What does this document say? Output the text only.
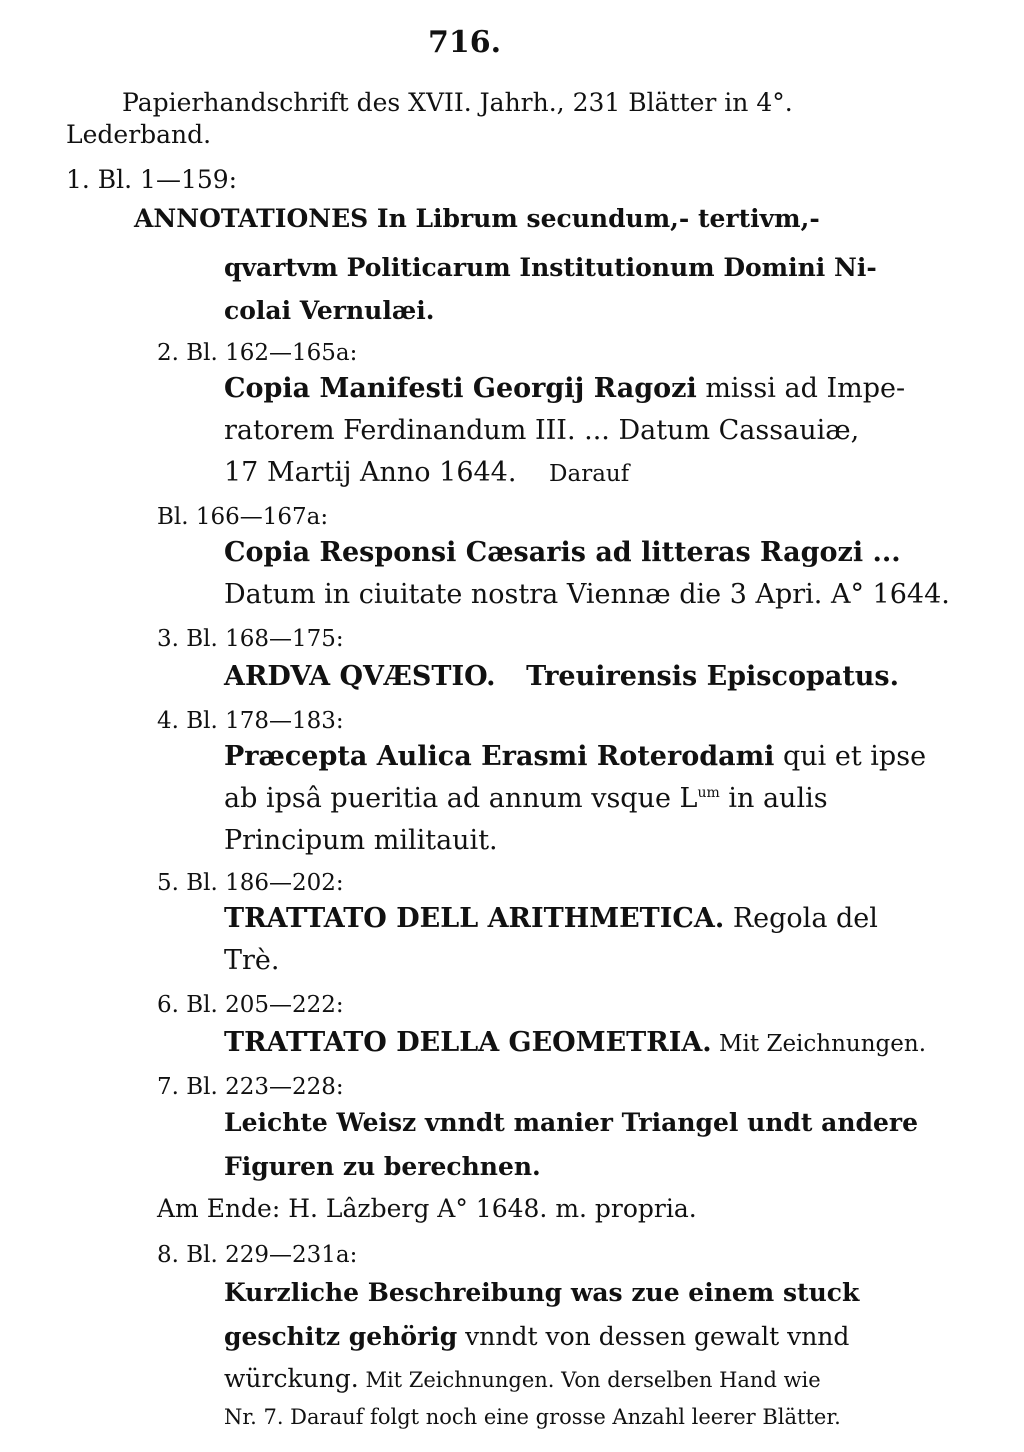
716.
Papierhandschrift des XVII. Jahrh., 231 Blätter in 4°.
Lederband.
1. Bl. 1—159:
ANNOTATIONES In Librum secundum,- tertivm,-
qvartvm Politicarum Institutionum Domini Ni-
colai Vernulæi.
2. Bl. 162—165a:
Copia Manifesti Georgij Ragozi missi ad Impe-
ratorem Ferdinandum III. ... Datum Cassauiæ,
17 Martij Anno 1644. Darauf
Bl. 166—167a:
Copia Responsi Cæsaris ad litteras Ragozi ...
Datum in ciuitate nostra Viennæ die 3 Apri. A° 1644.
3. Bl. 168—175:
ARDVA QVÆSTIO. Treuirensis Episcopatus.
4. Bl. 178—183:
Præcepta Aulica Erasmi Roterodami qui et ipse
ab ipsâ pueritia ad annum vsque $L^{um}$ in aulis
Principum militauit.
5. Bl. 186—202:
TRATTATO DELL ARITHMETICA. Regola del
Trè.
6. Bl. 205—222:
TRATTATO DELLA GEOMETRIA. Mit Zeichnungen.
7. Bl. 223—228:
Leichte Weisz vnndt manier Triangel undt andere
Figuren zu berechnen.
Am Ende: H. Lâzberg A° 1648. m. propria.
8. Bl. 229—231a:
Kurzliche Beschreibung was zue einem stuck
geschitz gehörig vnndt von dessen gewalt vnnd
würckung. Mit Zeichnungen. Von derselben Hand wie
Nr. 7. Darauf folgt noch eine grosse Anzahl leerer Blätter.
